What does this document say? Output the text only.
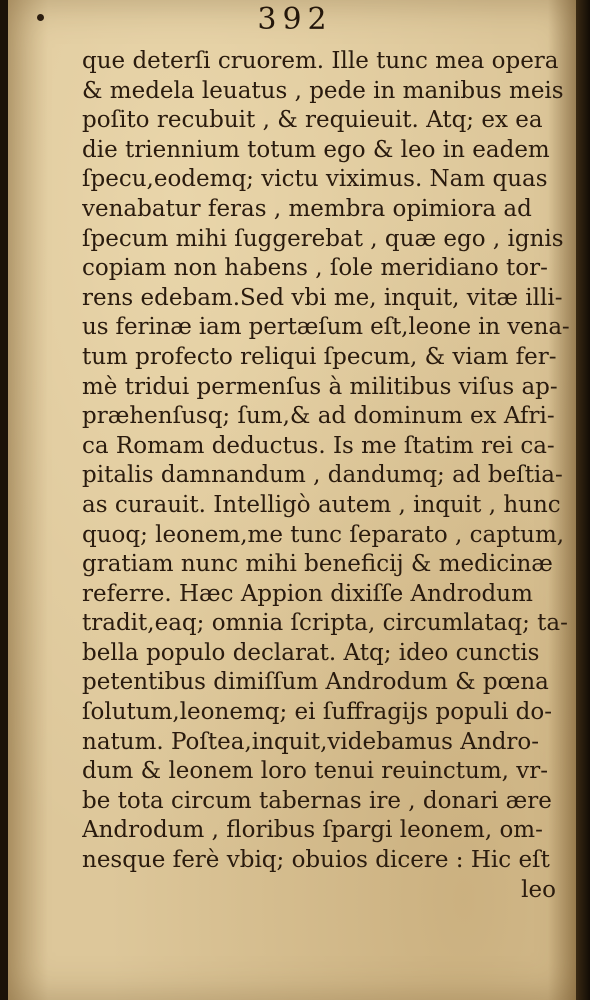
392
que deterſi cruorem. Ille tunc mea opera
& medela leuatus , pede in manibus meis
poſito recubuit , & requieuit. Atq; ex ea
die triennium totum ego & leo in eadem
ſpecu,eodemq; victu viximus. Nam quas
venabatur feras , membra opimiora ad
ſpecum mihi ſuggerebat , quæ ego , ignis
copiam non habens , ſole meridiano tor-
rens edebam.Sed vbi me, inquit, vitæ illi-
us ferinæ iam pertæſum eſt,leone in vena-
tum profecto reliqui ſpecum, & viam fer-
mè tridui permenſus à militibus viſus ap-
præhenſusq; ſum,& ad dominum ex Afri-
ca Romam deductus. Is me ſtatim rei ca-
pitalis damnandum , dandumq; ad beſtia-
as curauit. Intelligò autem , inquit , hunc
quoq; leonem,me tunc ſeparato , captum,
gratiam nunc mihi beneficij & medicinæ
referre. Hæc Appion dixiſſe Androdum
tradit,eaq; omnia ſcripta, circumlataq; ta-
bella populo declarat. Atq; ideo cunctis
petentibus dimiſſum Androdum & pœna
ſolutum,leonemq; ei ſuffragijs populi do-
natum. Poſtea,inquit,videbamus Andro-
dum & leonem loro tenui reuinctum, vr-
be tota circum tabernas ire , donari ære
Androdum , floribus ſpargi leonem, om-
nesque ferè vbiq; obuios dicere : Hic eſt
leo
